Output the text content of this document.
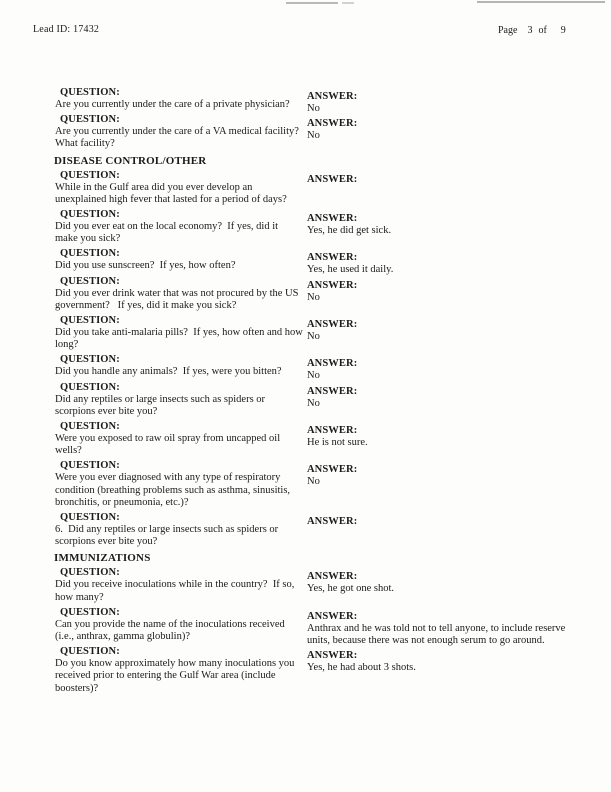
Lead ID: 17432	Page 3 of 9
QUESTION:
Are you currently under the care of a private physician?
ANSWER:
No
QUESTION:
Are you currently under the care of a VA medical facility?  What facility?
ANSWER:
No
DISEASE CONTROL/OTHER
QUESTION:
While in the Gulf area did you ever develop an unexplained high fever that lasted for a period of days?
ANSWER:
QUESTION:
Did you ever eat on the local economy?  If yes, did it make you sick?
ANSWER:
Yes, he did get sick.
QUESTION:
Did you use sunscreen?  If yes, how often?
ANSWER:
Yes, he used it daily.
QUESTION:
Did you ever drink water that was not procured by the US government?   If yes, did it make you sick?
ANSWER:
No
QUESTION:
Did you take anti-malaria pills?  If yes, how often and how long?
ANSWER:
No
QUESTION:
Did you handle any animals?  If yes, were you bitten?
ANSWER:
No
QUESTION:
Did any reptiles or large insects such as spiders or scorpions ever bite you?
ANSWER:
No
QUESTION:
Were you exposed to raw oil spray from uncapped oil wells?
ANSWER:
He is not sure.
QUESTION:
Were you ever diagnosed with any type of respiratory condition (breathing problems such as asthma, sinusitis, bronchitis, or pneumonia, etc.)?
ANSWER:
No
QUESTION:
6.  Did any reptiles or large insects such as spiders or scorpions ever bite you?
ANSWER:
IMMUNIZATIONS
QUESTION:
Did you receive inoculations while in the country?  If so, how many?
ANSWER:
Yes, he got one shot.
QUESTION:
Can you provide the name of the inoculations received (i.e., anthrax, gamma globulin)?
ANSWER:
Anthrax and he was told not to tell anyone, to include reserve units, because there was not enough serum to go around.
QUESTION:
Do you know approximately how many inoculations you received prior to entering the Gulf War area (include boosters)?
ANSWER:
Yes, he had about 3 shots.
